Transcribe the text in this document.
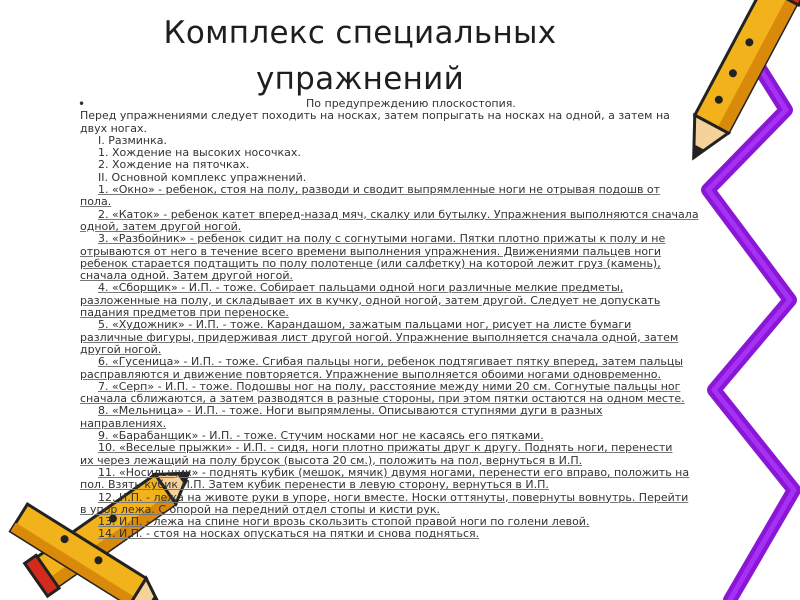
Комплекс специальных
упражнений
•	По предупреждению плоскостопия.
Перед упражнениями следует походить на носках, затем попрыгать на носках на одной, а затем на
двух ногах.
I. Разминка.
1. Хождение на высоких носочках.
2. Хождение на пяточках.
II. Основной комплекс упражнений.
1. «Окно» - ребенок, стоя на полу, разводи и сводит выпрямленные ноги не отрывая подошв от
пола.
2. «Каток» - ребенок катет вперед-назад мяч, скалку или бутылку. Упражнения выполняются сначала
одной, затем другой ногой.
3. «Разбойник» - ребенок сидит на полу с согнутыми ногами. Пятки плотно прижаты к полу и не
отрываются от него в течение всего времени выполнения упражнения. Движениями пальцев ноги
ребенок старается подтащить по полу полотенце (или салфетку) на которой лежит груз (камень),
сначала одной. Затем другой ногой.
4. «Сборщик» - И.П. - тоже. Собирает пальцами одной ноги различные мелкие предметы,
разложенные на полу, и складывает их в кучку, одной ногой, затем другой. Следует не допускать
падания предметов при переноске.
5. «Художник» - И.П. - тоже. Карандашом, зажатым пальцами ног, рисует на листе бумаги
различные фигуры, придерживая лист другой ногой. Упражнение выполняется сначала одной, затем
другой ногой.
6. «Гусеница» - И.П. - тоже. Сгибая пальцы ноги, ребенок подтягивает пятку вперед, затем пальцы
расправляются и движение повторяется. Упражнение выполняется обоими ногами одновременно.
7. «Серп» - И.П. - тоже. Подошвы ног на полу, расстояние между ними 20 см. Согнутые пальцы ног
сначала сближаются, а затем разводятся в разные стороны, при этом пятки остаются на одном месте.
8. «Мельница» - И.П. - тоже. Ноги выпрямлены. Описываются ступнями дуги в разных
направлениях.
9. «Барабанщик» - И.П. - тоже. Стучим носками ног не касаясь его пятками.
10. «Веселые прыжки» - И.П. - сидя, ноги плотно прижаты друг к другу. Поднять ноги, перенести
их через лежащий на полу брусок (высота 20 см.), положить на пол, вернуться в И.П.
11. «Носильщик» - поднять кубик (мешок, мячик) двумя ногами, перенести его вправо, положить на
пол. Взять кубик И.П. Затем кубик перенести в левую сторону, вернуться в И.П.
12. И.П. - лежа на животе руки в упоре, ноги вместе. Носки оттянуты, повернуты вовнутрь. Перейти
в упор лежа. С опорой на передний отдел стопы и кисти рук.
13. И.П. - лежа на спине ноги врозь скользить стопой правой ноги по голени левой.
14. И.П. - стоя на носках опускаться на пятки и снова подняться.
